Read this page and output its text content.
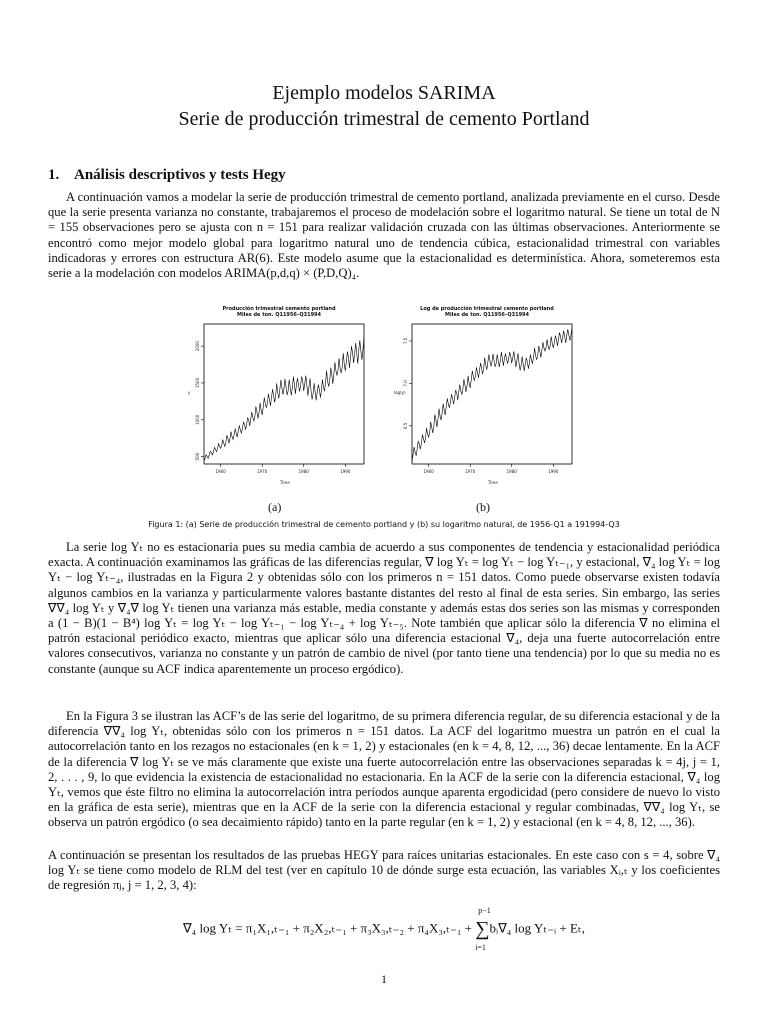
Ejemplo modelos SARIMA
Serie de producción trimestral de cemento Portland
1. Análisis descriptivos y tests Hegy
A continuación vamos a modelar la serie de producción trimestral de cemento portland, analizada previamente en el curso. Desde que la serie presenta varianza no constante, trabajaremos el proceso de modelación sobre el logaritmo natural. Se tiene un total de N = 155 observaciones pero se ajusta con n = 151 para realizar validación cruzada con las últimas observaciones. Anteriormente se encontró como mejor modelo global para logaritmo natural uno de tendencia cúbica, estacionalidad trimestral con variables indicadoras y errores con estructura AR(6). Este modelo asume que la estacionalidad es determinística. Ahora, someteremos esta serie a la modelación con modelos ARIMA(p,d,q) × (P,D,Q)₄.
Producción trimestral cemento portland
Miles de ton. Q11956–Q31994
y
Time
500
1000
1500
2000
1960	1970	1980	1990
Log de producción trimestral cemento portland
Miles de ton. Q11956–Q31994
log(y)
Time
6.5
7.0
7.5
1960	1970	1980	1990
(a)	(b)
Figura 1: (a) Serie de producción trimestral de cemento portland y (b) su logaritmo natural, de 1956-Q1 a 191994-Q3
La serie log Yₜ no es estacionaria pues su media cambia de acuerdo a sus componentes de tendencia y estacionalidad periódica exacta. A continuación examinamos las gráficas de las diferencias regular, ∇ log Yₜ = log Yₜ − log Yₜ₋₁, y estacional, ∇₄ log Yₜ = log Yₜ − log Yₜ₋₄, ilustradas en la Figura 2 y obtenidas sólo con los primeros n = 151 datos. Como puede observarse existen todavía algunos cambios en la varianza y particularmente valores bastante distantes del resto al final de esta series. Sin embargo, las series ∇∇₄ log Yₜ y ∇₄∇ log Yₜ tienen una varianza más estable, media constante y además estas dos series son las mismas y corresponden a (1 − B)(1 − B⁴) log Yₜ = log Yₜ − log Yₜ₋₁ − log Yₜ₋₄ + log Yₜ₋₅. Note también que aplicar sólo la diferencia ∇ no elimina el patrón estacional periódico exacto, mientras que aplicar sólo una diferencia estacional ∇₄, deja una fuerte autocorrelación entre valores consecutivos, varianza no constante y un patrón de cambio de nivel (por tanto tiene una tendencia) por lo que su media no es constante (aunque su ACF indica aparentemente un proceso ergódico).
En la Figura 3 se ilustran las ACF’s de las serie del logaritmo, de su primera diferencia regular, de su diferencia estacional y de la diferencia ∇∇₄ log Yₜ, obtenidas sólo con los primeros n = 151 datos. La ACF del logaritmo muestra un patrón en el cual la autocorrelación tanto en los rezagos no estacionales (en k = 1, 2) y estacionales (en k = 4, 8, 12, ..., 36) decae lentamente. En la ACF de la diferencia ∇ log Yₜ se ve más claramente que existe una fuerte autocorrelación entre las observaciones separadas k = 4j, j = 1, 2, . . . , 9, lo que evidencia la existencia de estacionalidad no estacionaria. En la ACF de la serie con la diferencia estacional, ∇₄ log Yₜ, vemos que éste filtro no elimina la autocorrelación intra períodos aunque aparenta ergodicidad (pero considere de nuevo lo visto en la gráfica de esta serie), mientras que en la ACF de la serie con la diferencia estacional y regular combinadas, ∇∇₄ log Yₜ, se observa un patrón ergódico (o sea decaimiento rápido) tanto en la parte regular (en k = 1, 2) y estacional (en k = 4, 8, 12, ..., 36).
A continuación se presentan los resultados de las pruebas HEGY para raíces unitarias estacionales. En este caso con s = 4, sobre ∇₄ log Yₜ se tiene como modelo de RLM del test (ver en capítulo 10 de dónde surge esta ecuación, las variables Xᵢ,ₜ y los coeficientes de regresión πⱼ, j = 1, 2, 3, 4):
∇₄ log Yₜ = π₁X₁,ₜ₋₁ + π₂X₂,ₜ₋₁ + π₃X₃,ₜ₋₂ + π₄X₃,ₜ₋₁ + ∑
p−1
i=1
bᵢ∇₄ log Yₜ₋ᵢ + Eₜ,
1
